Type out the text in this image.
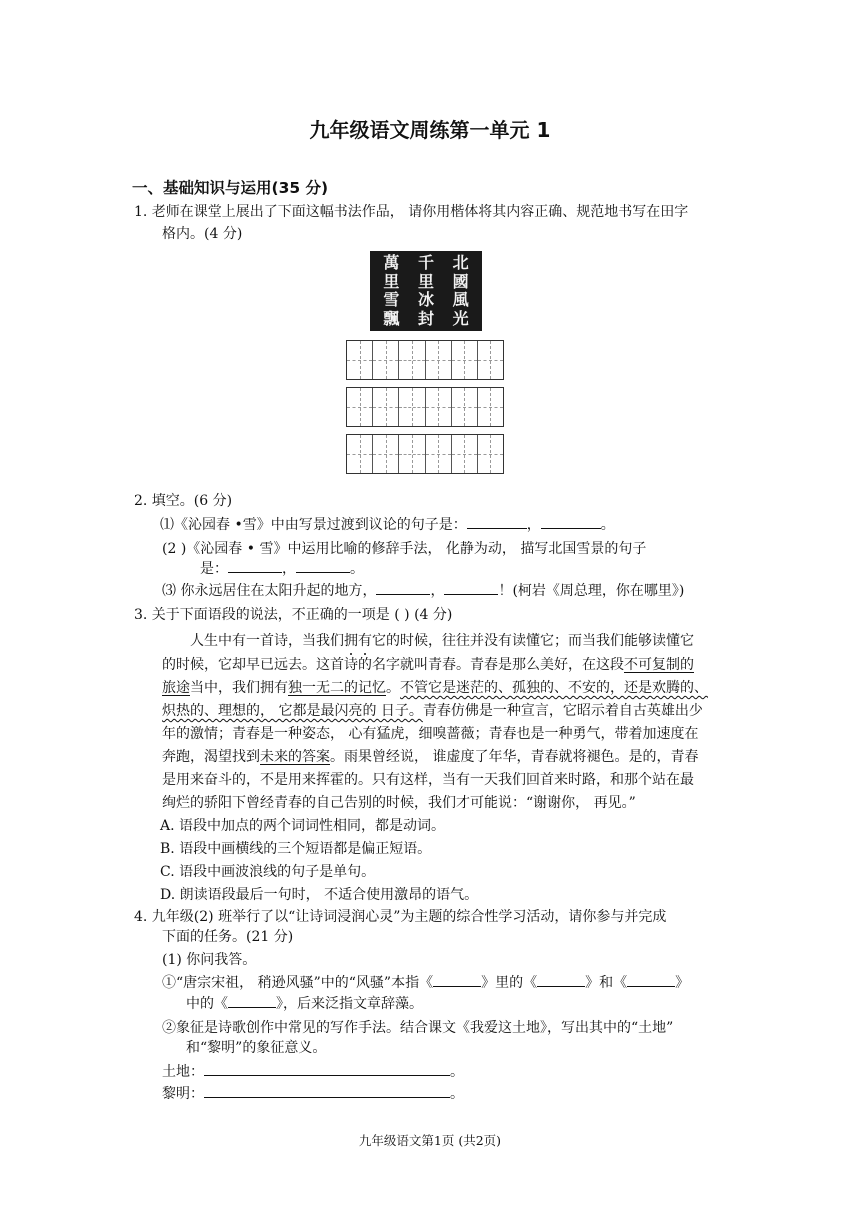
九年级语文周练第一单元 1
一、基础知识与运用(35 分)
1. 老师在课堂上展出了下面这幅书法作品， 请你用楷体将其内容正确、规范地书写在田字
格内。(4 分)
萬	千	北
里	里	國
雪	冰	風
飄	封	光
2. 填空。(6 分)
⑴《沁园春 •雪》中由写景过渡到议论的句子是：	，	。
(2 )《沁园春 • 雪》中运用比喻的修辞手法， 化静为动， 描写北国雪景的句子
是：	，	。
⑶ 你永远居住在太阳升起的地方，	，	！(柯岩《周总理，你在哪里》)
3. 关于下面语段的说法，不正确的一项是 ( ) (4 分)
人生中有一首诗，当我们拥有它的时候，往往并没有读懂它；而当我们能够读懂它
的时候，它却早已远去。这首诗的名字就叫青春。青春是那么美好，在这段不可复制的
旅途当中，我们拥有独一无二的记忆。不管它是迷茫的、孤独的、不安的，还是欢腾的、
炽热的、理想的， 它都是最闪亮的 日子。青春仿佛是一种宣言，它昭示着自古英雄出少
年的激情；青春是一种姿态， 心有猛虎，细嗅蔷薇；青春也是一种勇气，带着加速度在
奔跑，渴望找到未来的答案。雨果曾经说， 谁虚度了年华，青春就将褪色。是的，青春
是用来奋斗的，不是用来挥霍的。只有这样，当有一天我们回首来时路，和那个站在最
绚烂的骄阳下曾经青春的自己告别的时候，我们才可能说：“谢谢你， 再见。”
A. 语段中加点的两个词词性相同，都是动词。
B. 语段中画横线的三个短语都是偏正短语。
C. 语段中画波浪线的句子是单句。
D. 朗读语段最后一句时， 不适合使用激昂的语气。
4. 九年级(2) 班举行了以“让诗词浸润心灵”为主题的综合性学习活动，请你参与并完成
下面的任务。(21 分)
(1) 你问我答。
①“唐宗宋祖， 稍逊风骚”中的“风骚”本指《	》里的《	》和《	》
中的《	》，后来泛指文章辞藻。
②象征是诗歌创作中常见的写作手法。结合课文《我爱这土地》，写出其中的“土地”
和“黎明”的象征意义。
土地：	。
黎明：	。
九年级语文第1页 (共2页)
